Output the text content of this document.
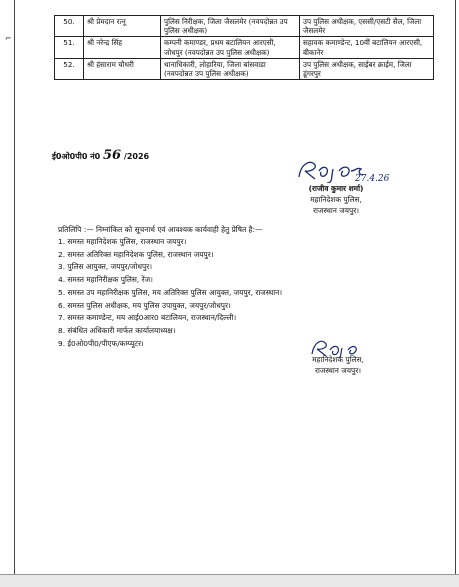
⌐
50.	श्री प्रेमदान रत्नू	पुलिस निरीक्षक, जिला जैसलमेर (नवपदोन्नत उप पुलिस अधीक्षक)	उप पुलिस अधीक्षक, एससी/एसटी सैल, जिला जैसलमेर
51.	श्री नरेन्द्र सिंह	कम्पनी कमाण्डर, प्रथम बटालियन आरएसी, जोधपुर (नवपदोन्नत उप पुलिस अधीक्षक)	सहायक कमाण्डेन्ट, 10वीं बटालियन आरएसी, बीकानेर
52.	श्री हंसाराम चौधरी	थानाधिकारी, लोहारिया, जिला बांसवाडा (नवपदोन्नत उप पुलिस अधीक्षक)	उप पुलिस अधीक्षक, साईबर क्राईम, जिला डूंगरपुर
ई0ओ0पी0 नं0 56 /2026
27.4.26
(राजीव कुमार शर्मा)
महानिदेशक पुलिस,
राजस्थान जयपुर।
प्रतिलिपि :— निम्नांकित को सूचनार्थ एवं आवश्यक कार्यवाही हेतु प्रेषित है:—
1. समस्त महानिदेशक पुलिस, राजस्थान जयपुर।
2. समस्त अतिरिक्त महानिदेशक पुलिस, राजस्थान जयपुर।
3. पुलिस आयुक्त, जयपुर/जोधपुर।
4. समस्त महानिरीक्षक पुलिस, रेंज।
5. समस्त उप महानिरीक्षक पुलिस, मय अतिरिक्त पुलिस आयुक्त, जयपुर, राजस्थान।
6. समस्त पुलिस अधीक्षक, मय पुलिस उपायुक्त, जयपुर/जोधपुर।
7. समस्त कमाण्डेन्ट, मय आई0आर0 बटालियन, राजस्थान/दिल्ली।
8. संबंधित अधिकारी मार्फत कार्यालयाध्यक्ष।
9. ई0ओ0पी0/पीएफ/कम्प्यूटर।
महानिदेशक पुलिस,
राजस्थान जयपुर।
